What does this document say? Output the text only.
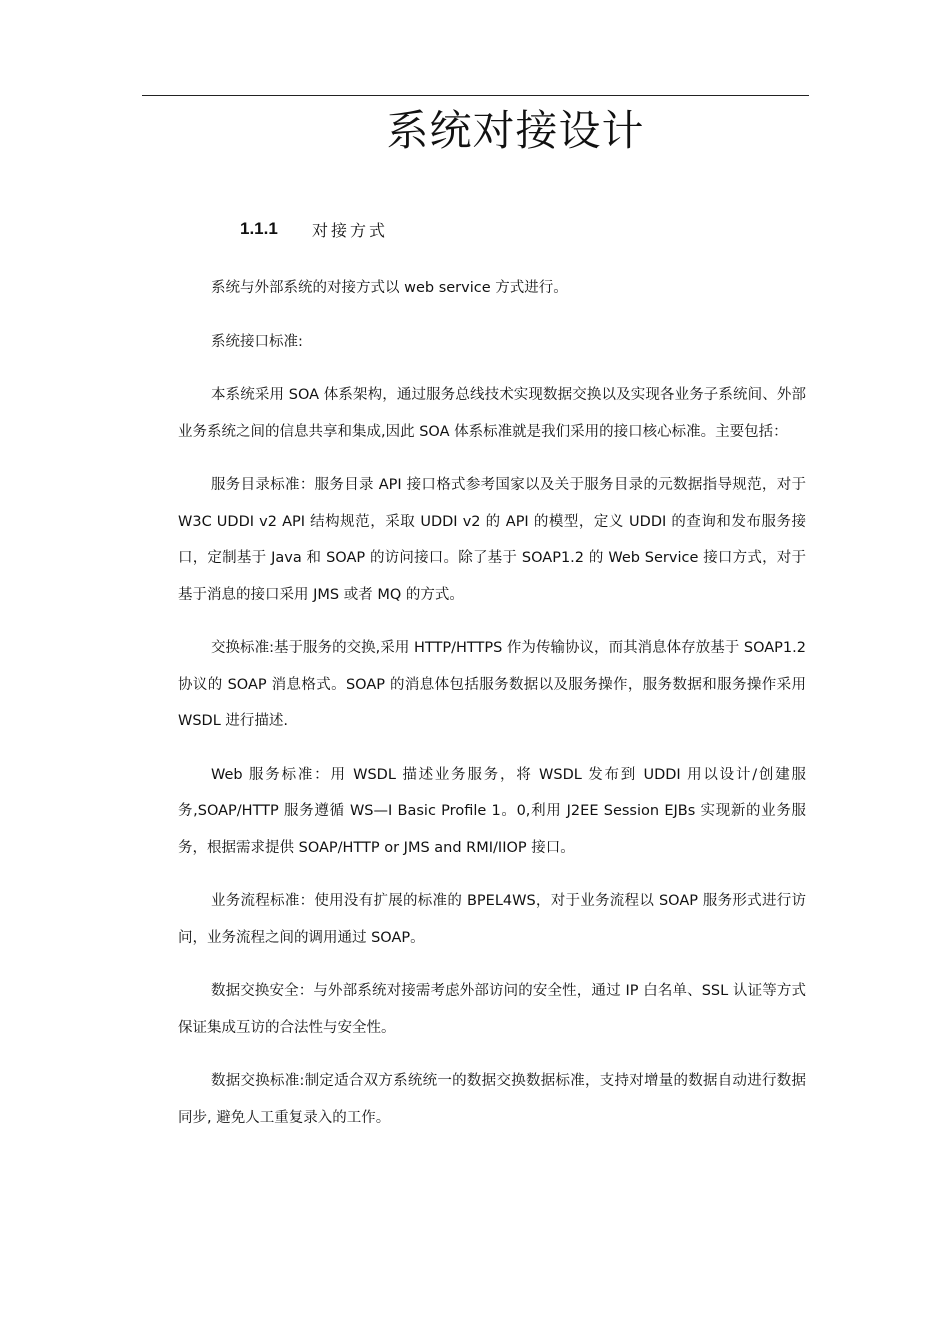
系统对接设计
1.1.1	对接方式

系统与外部系统的对接方式以 web service 方式进行。

系统接口标准:

本系统采用 SOA 体系架构，通过服务总线技术实现数据交换以及实现各业务子系统间、外部业务系统之间的信息共享和集成,因此 SOA 体系标准就是我们采用的接口核心标准。主要包括：

服务目录标准：服务目录 API 接口格式参考国家以及关于服务目录的元数据指导规范，对于 W3C UDDI v2 API 结构规范，采取 UDDI v2 的 API 的模型，定义 UDDI 的查询和发布服务接口，定制基于 Java 和 SOAP 的访问接口。除了基于 SOAP1.2 的 Web Service 接口方式，对于基于消息的接口采用 JMS 或者 MQ 的方式。

交换标准:基于服务的交换,采用 HTTP/HTTPS 作为传输协议，而其消息体存放基于 SOAP1.2 协议的 SOAP 消息格式。SOAP 的消息体包括服务数据以及服务操作，服务数据和服务操作采用 WSDL 进行描述.

Web 服务标准：用 WSDL 描述业务服务，将 WSDL 发布到 UDDI 用以设计/创建服务,SOAP/HTTP 服务遵循 WS—I Basic Profile 1。0,利用 J2EE Session EJBs 实现新的业务服务，根据需求提供 SOAP/HTTP or JMS and RMI/IIOP 接口。

业务流程标准：使用没有扩展的标准的 BPEL4WS，对于业务流程以 SOAP 服务形式进行访问，业务流程之间的调用通过 SOAP。

数据交换安全：与外部系统对接需考虑外部访问的安全性，通过 IP 白名单、SSL 认证等方式保证集成互访的合法性与安全性。

数据交换标准:制定适合双方系统统一的数据交换数据标准，支持对增量的数据自动进行数据同步, 避免人工重复录入的工作。
